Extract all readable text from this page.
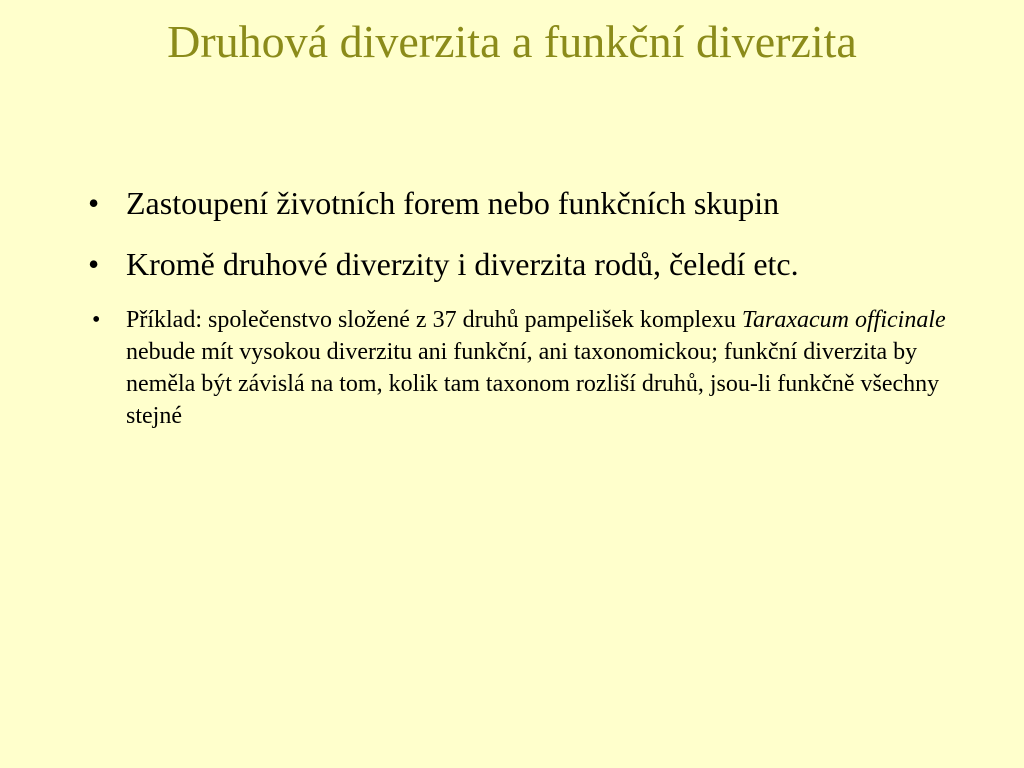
Druhová diverzita a funkční diverzita
• Zastoupení životních forem nebo funkčních skupin
• Kromě druhové diverzity i diverzita rodů, čeledí etc.
• Příklad: společenstvo složené z 37 druhů pampelišek komplexu Taraxacum officinale nebude mít vysokou diverzitu ani funkční, ani taxonomickou; funkční diverzita by neměla být závislá na tom, kolik tam taxonom rozliší druhů, jsou-li funkčně všechny stejné
